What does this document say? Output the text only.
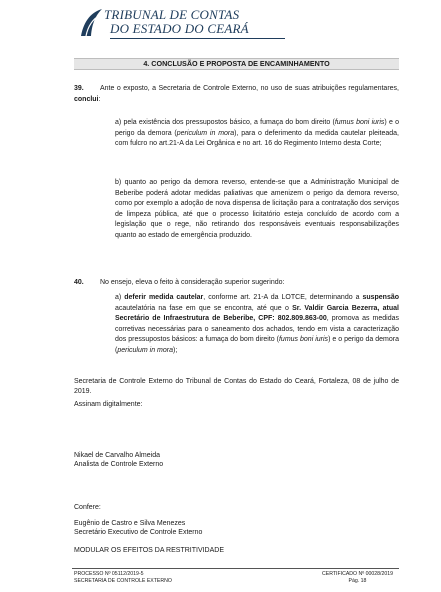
TRIBUNAL DE CONTAS
DO ESTADO DO CEARÁ
4. CONCLUSÃO E PROPOSTA DE ENCAMINHAMENTO
39.	Ante o exposto, a Secretaria de Controle Externo, no uso de suas atribuições regulamentares, conclui:
a) pela existência dos pressupostos básico, a fumaça do bom direito (fumus boni iuris) e o perigo da demora (periculum in mora), para o deferimento da medida cautelar pleiteada, com fulcro no art.21-A da Lei Orgânica e no art. 16 do Regimento Interno desta Corte;
b) quanto ao perigo da demora reverso, entende-se que a Administração Municipal de Beberibe poderá adotar medidas paliativas que amenizem o perigo da demora reverso, como por exemplo a adoção de nova dispensa de licitação para a contratação dos serviços de limpeza pública, até que o processo licitatório esteja concluído de acordo com a legislação que o rege, não retirando dos responsáveis eventuais responsabilizações quanto ao estado de emergência produzido.
40. No ensejo, eleva o feito à consideração superior sugerindo:
a) deferir medida cautelar, conforme art. 21-A da LOTCE, determinando a suspensão acautelatória na fase em que se encontra, até que o Sr. Valdir Garcia Bezerra, atual Secretário de Infraestrutura de Beberibe, CPF: 802.809.863-00, promova as medidas corretivas necessárias para o saneamento dos achados, tendo em vista a caracterização dos pressupostos básicos: a fumaça do bom direito (fumus boni iuris) e o perigo da demora (periculum in mora);
Secretaria de Controle Externo do Tribunal de Contas do Estado do Ceará, Fortaleza, 08 de julho de 2019.
Assinam digitalmente:
Nikael de Carvalho Almeida
Analista de Controle Externo
Confere:
Eugênio de Castro e Silva Menezes
Secretário Executivo de Controle Externo
MODULAR OS EFEITOS DA RESTRITIVIDADE
PROCESSO Nº 05112/2019-5
SECRETARIA DE CONTROLE EXTERNO
CERTIFICADO Nº 00028/2019
Pág. 18
